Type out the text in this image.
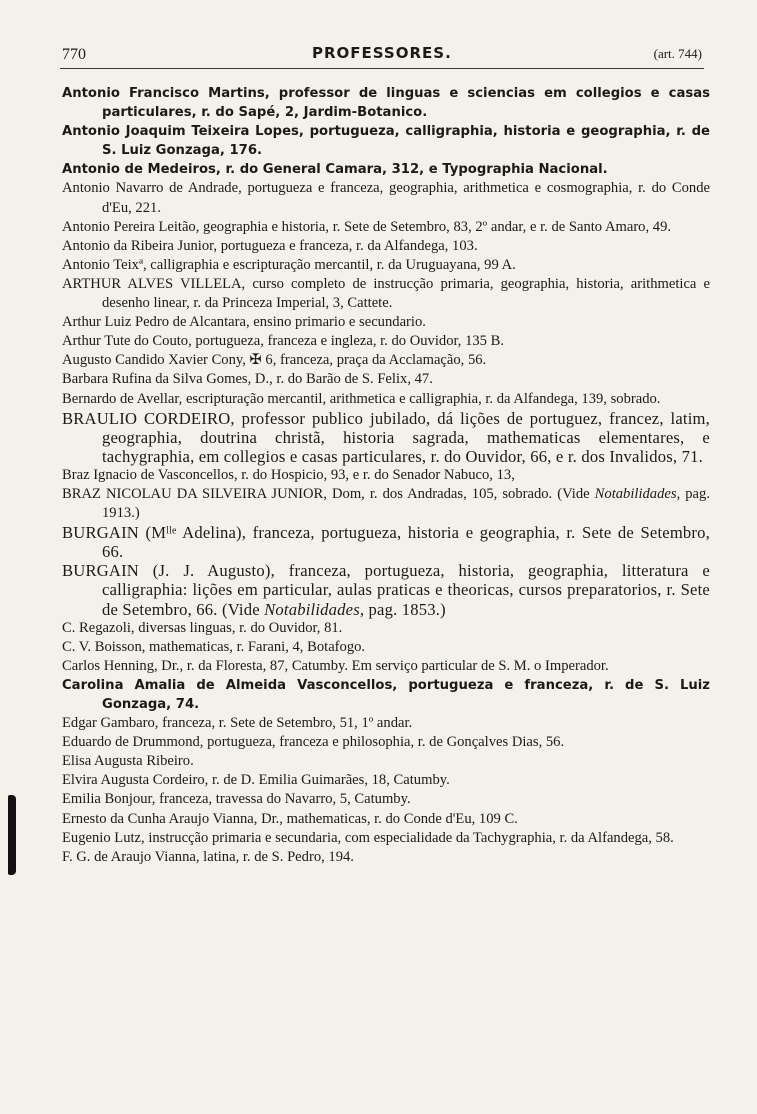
770	PROFESSORES.	(art. 744)

Antonio Francisco Martins, professor de linguas e sciencias em collegios e casas particulares, r. do Sapé, 2, Jardim-Botanico.

Antonio Joaquim Teixeira Lopes, portugueza, calligraphia, historia e geographia, r. de S. Luiz Gonzaga, 176.

Antonio de Medeiros, r. do General Camara, 312, e Typographia Nacional.

Antonio Navarro de Andrade, portugueza e franceza, geographia, arithmetica e cosmographia, r. do Conde d'Eu, 221.

Antonio Pereira Leitão, geographia e historia, r. Sete de Setembro, 83, 2º andar, e r. de Santo Amaro, 49.

Antonio da Ribeira Junior, portugueza e franceza, r. da Alfandega, 103.

Antonio Teixª, calligraphia e escripturação mercantil, r. da Uruguayana, 99 A.

ARTHUR ALVES VILLELA, curso completo de instrucção primaria, geographia, historia, arithmetica e desenho linear, r. da Princeza Imperial, 3, Cattete.

Arthur Luiz Pedro de Alcantara, ensino primario e secundario.

Arthur Tute do Couto, portugueza, franceza e ingleza, r. do Ouvidor, 135 B.

Augusto Candido Xavier Cony, ✠ 6, franceza, praça da Acclamação, 56.

Barbara Rufina da Silva Gomes, D., r. do Barão de S. Felix, 47.

Bernardo de Avellar, escripturação mercantil, arithmetica e calligraphia, r. da Alfandega, 139, sobrado.

BRAULIO CORDEIRO, professor publico jubilado, dá lições de portuguez, francez, latim, geographia, doutrina christã, historia sagrada, mathematicas elementares, e tachygraphia, em collegios e casas particulares, r. do Ouvidor, 66, e r. dos Invalidos, 71.

Braz Ignacio de Vasconcellos, r. do Hospicio, 93, e r. do Senador Nabuco, 13,

BRAZ NICOLAU DA SILVEIRA JUNIOR, Dom, r. dos Andradas, 105, sobrado. (Vide Notabilidades, pag. 1913.)

BURGAIN (Mˡˡᵉ Adelina), franceza, portugueza, historia e geographia, r. Sete de Setembro, 66.

BURGAIN (J. J. Augusto), franceza, portugueza, historia, geographia, litteratura e calligraphia: lições em particular, aulas praticas e theoricas, cursos preparatorios, r. Sete de Setembro, 66. (Vide Notabilidades, pag. 1853.)

C. Regazoli, diversas linguas, r. do Ouvidor, 81.

C. V. Boisson, mathematicas, r. Farani, 4, Botafogo.

Carlos Henning, Dr., r. da Floresta, 87, Catumby. Em serviço particular de S. M. o Imperador.

Carolina Amalia de Almeida Vasconcellos, portugueza e franceza, r. de S. Luiz Gonzaga, 74.

Edgar Gambaro, franceza, r. Sete de Setembro, 51, 1º andar.

Eduardo de Drummond, portugueza, franceza e philosophia, r. de Gonçalves Dias, 56.

Elisa Augusta Ribeiro.

Elvira Augusta Cordeiro, r. de D. Emilia Guimarães, 18, Catumby.

Emilia Bonjour, franceza, travessa do Navarro, 5, Catumby.

Ernesto da Cunha Araujo Vianna, Dr., mathematicas, r. do Conde d'Eu, 109 C.

Eugenio Lutz, instrucção primaria e secundaria, com especialidade da Tachygraphia, r. da Alfandega, 58.

F. G. de Araujo Vianna, latina, r. de S. Pedro, 194.
